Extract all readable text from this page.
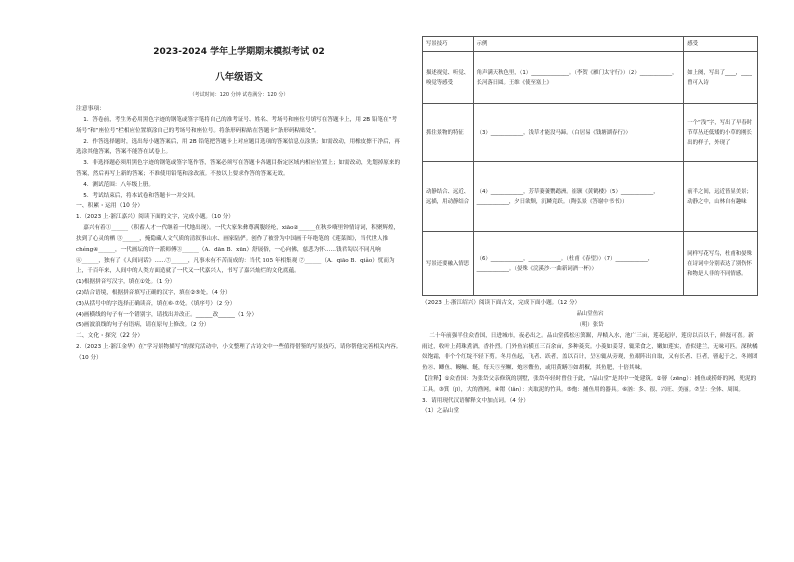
2023-2024 学年上学期期末模拟考试 02
八年级语文
（考试时间：120 分钟 试卷满分：120 分）

注意事项：

1．答卷前，考生务必用黑色字迹的钢笔或签字笔将自己的准考证号、姓名、考场号和座位号填写在答题卡上，用 2B 铅笔在“考场号”和“座位号”栏相应位置填涂自己的考场号和座位号。将条形码粘贴在答题卡“条形码粘贴处”。

2．作答选择题时，选出每小题答案后，用 2B 铅笔把答题卡上对应题目选项的答案信息点涂黑；如需改动，用橡皮擦干净后，再选涂其他答案，答案不能答在试卷上。

3．非选择题必须用黑色字迹的钢笔或签字笔作答，答案必须写在答题卡各题目指定区域内相应位置上；如需改动，先划掉原来的答案，然后再写上新的答案；不准使用铅笔和涂改液。不按以上要求作答的答案无效。

4．测试范围：八年级上册。

5．考试结束后，将本试卷和答题卡一并交回。

一、积累・运用（10 分）

1.（2023 上·浙江嘉兴）阅读下面的文字，完成小题。（10 分）

嘉兴有着①______（积蓄人才一代继着一代地出现）。一代大家朱彝尊满腹经纶，xiāo②______在秋乡嗨里钟情诗词，积聚辉煌，扶到了心灵的栖 ③______，掩隐藏人文气质的清叙事山水、画家陆俨。创作了被誉为中国画千年绝笔的《莲菜图》，当代世人推 chéng④______，一代画坛的许一派师傅③______（A．dān B．xūn）舒展俗，一心向佛，慈悲为怀……钱君匋以不同凡响⑥______，独有了《人间词话》……⑦______，凡事未有不苦而成的：当代 105 年相集观 ⑦______（A．qiāo B．qiǎo）忧而为上，千百年来，人间中的人类方面造就了一代又一代嘉兴人，书写了嘉兴灿烂的文化底蕴。

(1)根据拼音写汉字，填在①处。（1 分）

(2)结合语境，根据拼音填写正确的汉字，填在②⑤处。（4 分）

(3)从括号中的字选择正确读音，填在⑥·⑦处。（填序号）（2 分）

(4)画横线的句子有一个错别字，请找出并改正。______改______（1 分）

(5)画波浪线的句子有语病，请在原句上修改。（2 分）

二、文化・探究（22 分）

2.（2023 上·浙江金华）在“学习景物描写”的探究活动中，小文整理了古诗文中一些值得借鉴的写景技巧，请你帮他完善相关内容。（10 分）

写景技巧	示例	感受
描述视觉、听觉、嗅觉等感受	角声满天秋色里，（1）______________。（李贺《雁门太守行》）（2）____________，长河落日圆。王维《使至塞上》	如上阕，写出了____，____曾可入诗
抓住景物的特征	（3）____________，浅草才能没马蹄。（白居易《钱塘湖春行》）	一个“浅”字，写出了早春时节草丛还低矮的小草的刚长出的样子，外现了
动静结合、远近、远描，用动静结合	（4）____________，芳草萋萋鹦鹉洲。崔颢《黄鹤楼》（5）____________，____________，夕日欲颓，沉鳞竞跃。（陶弘景《答谢中书书》）	前半之间，远近皆显美景；动静之中，山林自有趣味
写景还要融入情思	（6）____________，____________。（杜甫《春望》）（7）____________，____________。（晏殊《浣溪沙·一曲新词酒一杯》）	同样写花写鸟，杜甫和晏殊在诗词中分别表达了别伤怀和物是人非的不同情感。

（2023 上·浙江绍兴）阅读下面古文，完成下面小题。（12 分）

品山堂鱼宕

（明）张岱

二十年前强半住众香国，日进城市，夜必出之。品山堂孤松④箕踞，岸帻入水，池广三亩，莲花起岸，莲房以百以千，鲜磊可喜。新雨过，收叶上荷珠煮酒，香扑烈。门外鱼宕横亘三百余亩，多种菱芡。小菱如姜芽，辄采食之，嫩如莲实，香似建兰，无味可匹。深秋橘奴饱霜，非个个红绽不轻下剪。冬月鱼起，飞者、跃者，盖以百计，呈⑥辄从旁观，鱼艰阵出自取，又有长者、巨者，罾起于之，冬则团鱼⑧、鲫鱼、鳗鲡、鲢，每天⑤至鳜、炮⑧鳖鱼，或用黄鳝⑤如胡椒，其鱼肥，十倍其味。

【注释】①众香国：为张岱父亲修筑的别墅，张岱年轻时曾住于此，“品山堂”是其中一处建筑。②罾（zēng）：捕鱼或捞虾的网，兜泥的工具。③箕（jī），大的渔网。④罱（lǎn）：夹取泥的竹具。⑤炮：捕鱼用的器具。⑥汹：多、很、兴旺、美丽。⑦呈：全体、周围。

3．请用现代汉语解释文中加点词。（4 分）

（1）之品山堂
